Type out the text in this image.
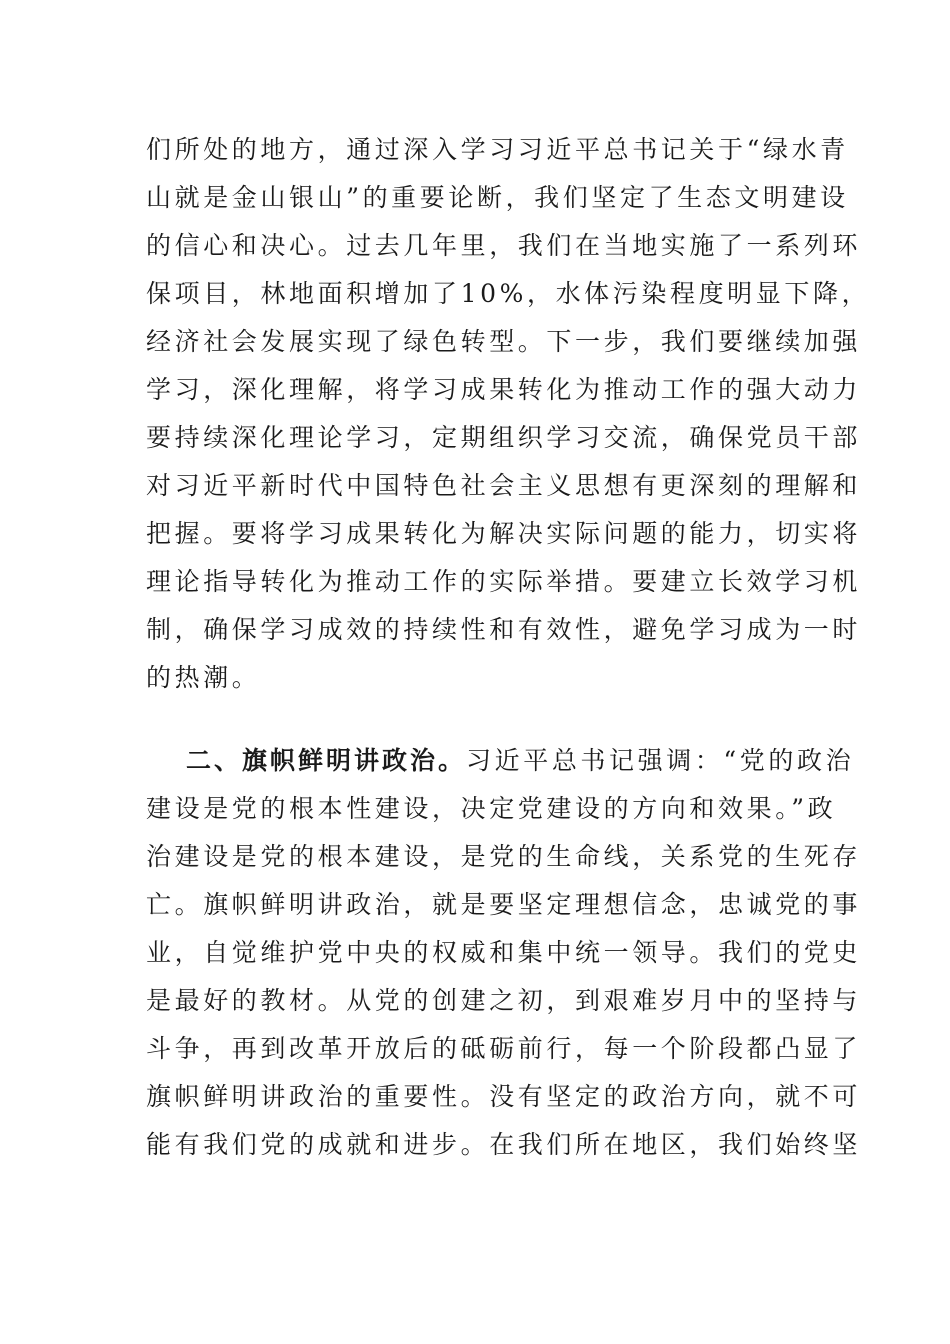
们所处的地方，通过深入学习习近平总书记关于“绿水青
山就是金山银山”的重要论断，我们坚定了生态文明建设
的信心和决心。过去几年里，我们在当地实施了一系列环
保项目，林地面积增加了10%，水体污染程度明显下降，
经济社会发展实现了绿色转型。下一步，我们要继续加强
学习，深化理解，将学习成果转化为推动工作的强大动力
要持续深化理论学习，定期组织学习交流，确保党员干部
对习近平新时代中国特色社会主义思想有更深刻的理解和
把握。要将学习成果转化为解决实际问题的能力，切实将
理论指导转化为推动工作的实际举措。要建立长效学习机
制，确保学习成效的持续性和有效性，避免学习成为一时
的热潮。
二、旗帜鲜明讲政治。习近平总书记强调：“党的政治
建设是党的根本性建设，决定党建设的方向和效果。”政
治建设是党的根本建设，是党的生命线，关系党的生死存
亡。旗帜鲜明讲政治，就是要坚定理想信念，忠诚党的事
业，自觉维护党中央的权威和集中统一领导。我们的党史
是最好的教材。从党的创建之初，到艰难岁月中的坚持与
斗争，再到改革开放后的砥砺前行，每一个阶段都凸显了
旗帜鲜明讲政治的重要性。没有坚定的政治方向，就不可
能有我们党的成就和进步。在我们所在地区，我们始终坚
